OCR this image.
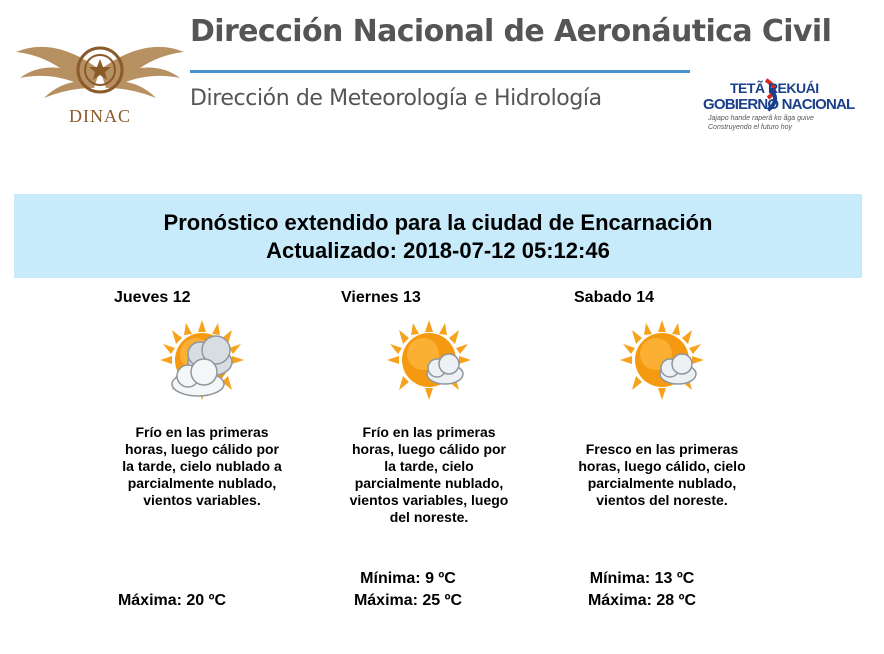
DINAC
Dirección Nacional de Aeronáutica Civil
Dirección de Meteorología e Hidrología	TETÃ REKUÁI
GOBIERNO NACIONAL
Jajapo hande raperã ko ãga guive
Construyendo el futuro hoy
Pronóstico extendido para la ciudad de Encarnación
Actualizado: 2018-07-12 05:12:46
Jueves 12
Frío en las primeras horas, luego cálido por la tarde, cielo nublado a parcialmente nublado, vientos variables.
Máxima: 20 ºC
Viernes 13
Frío en las primeras horas, luego cálido por la tarde, cielo parcialmente nublado, vientos variables, luego del noreste.
Mínima: 9 ºC
Máxima: 25 ºC
Sabado 14
Fresco en las primeras horas, luego cálido, cielo parcialmente nublado, vientos del noreste.
Mínima: 13 ºC
Máxima: 28 ºC
